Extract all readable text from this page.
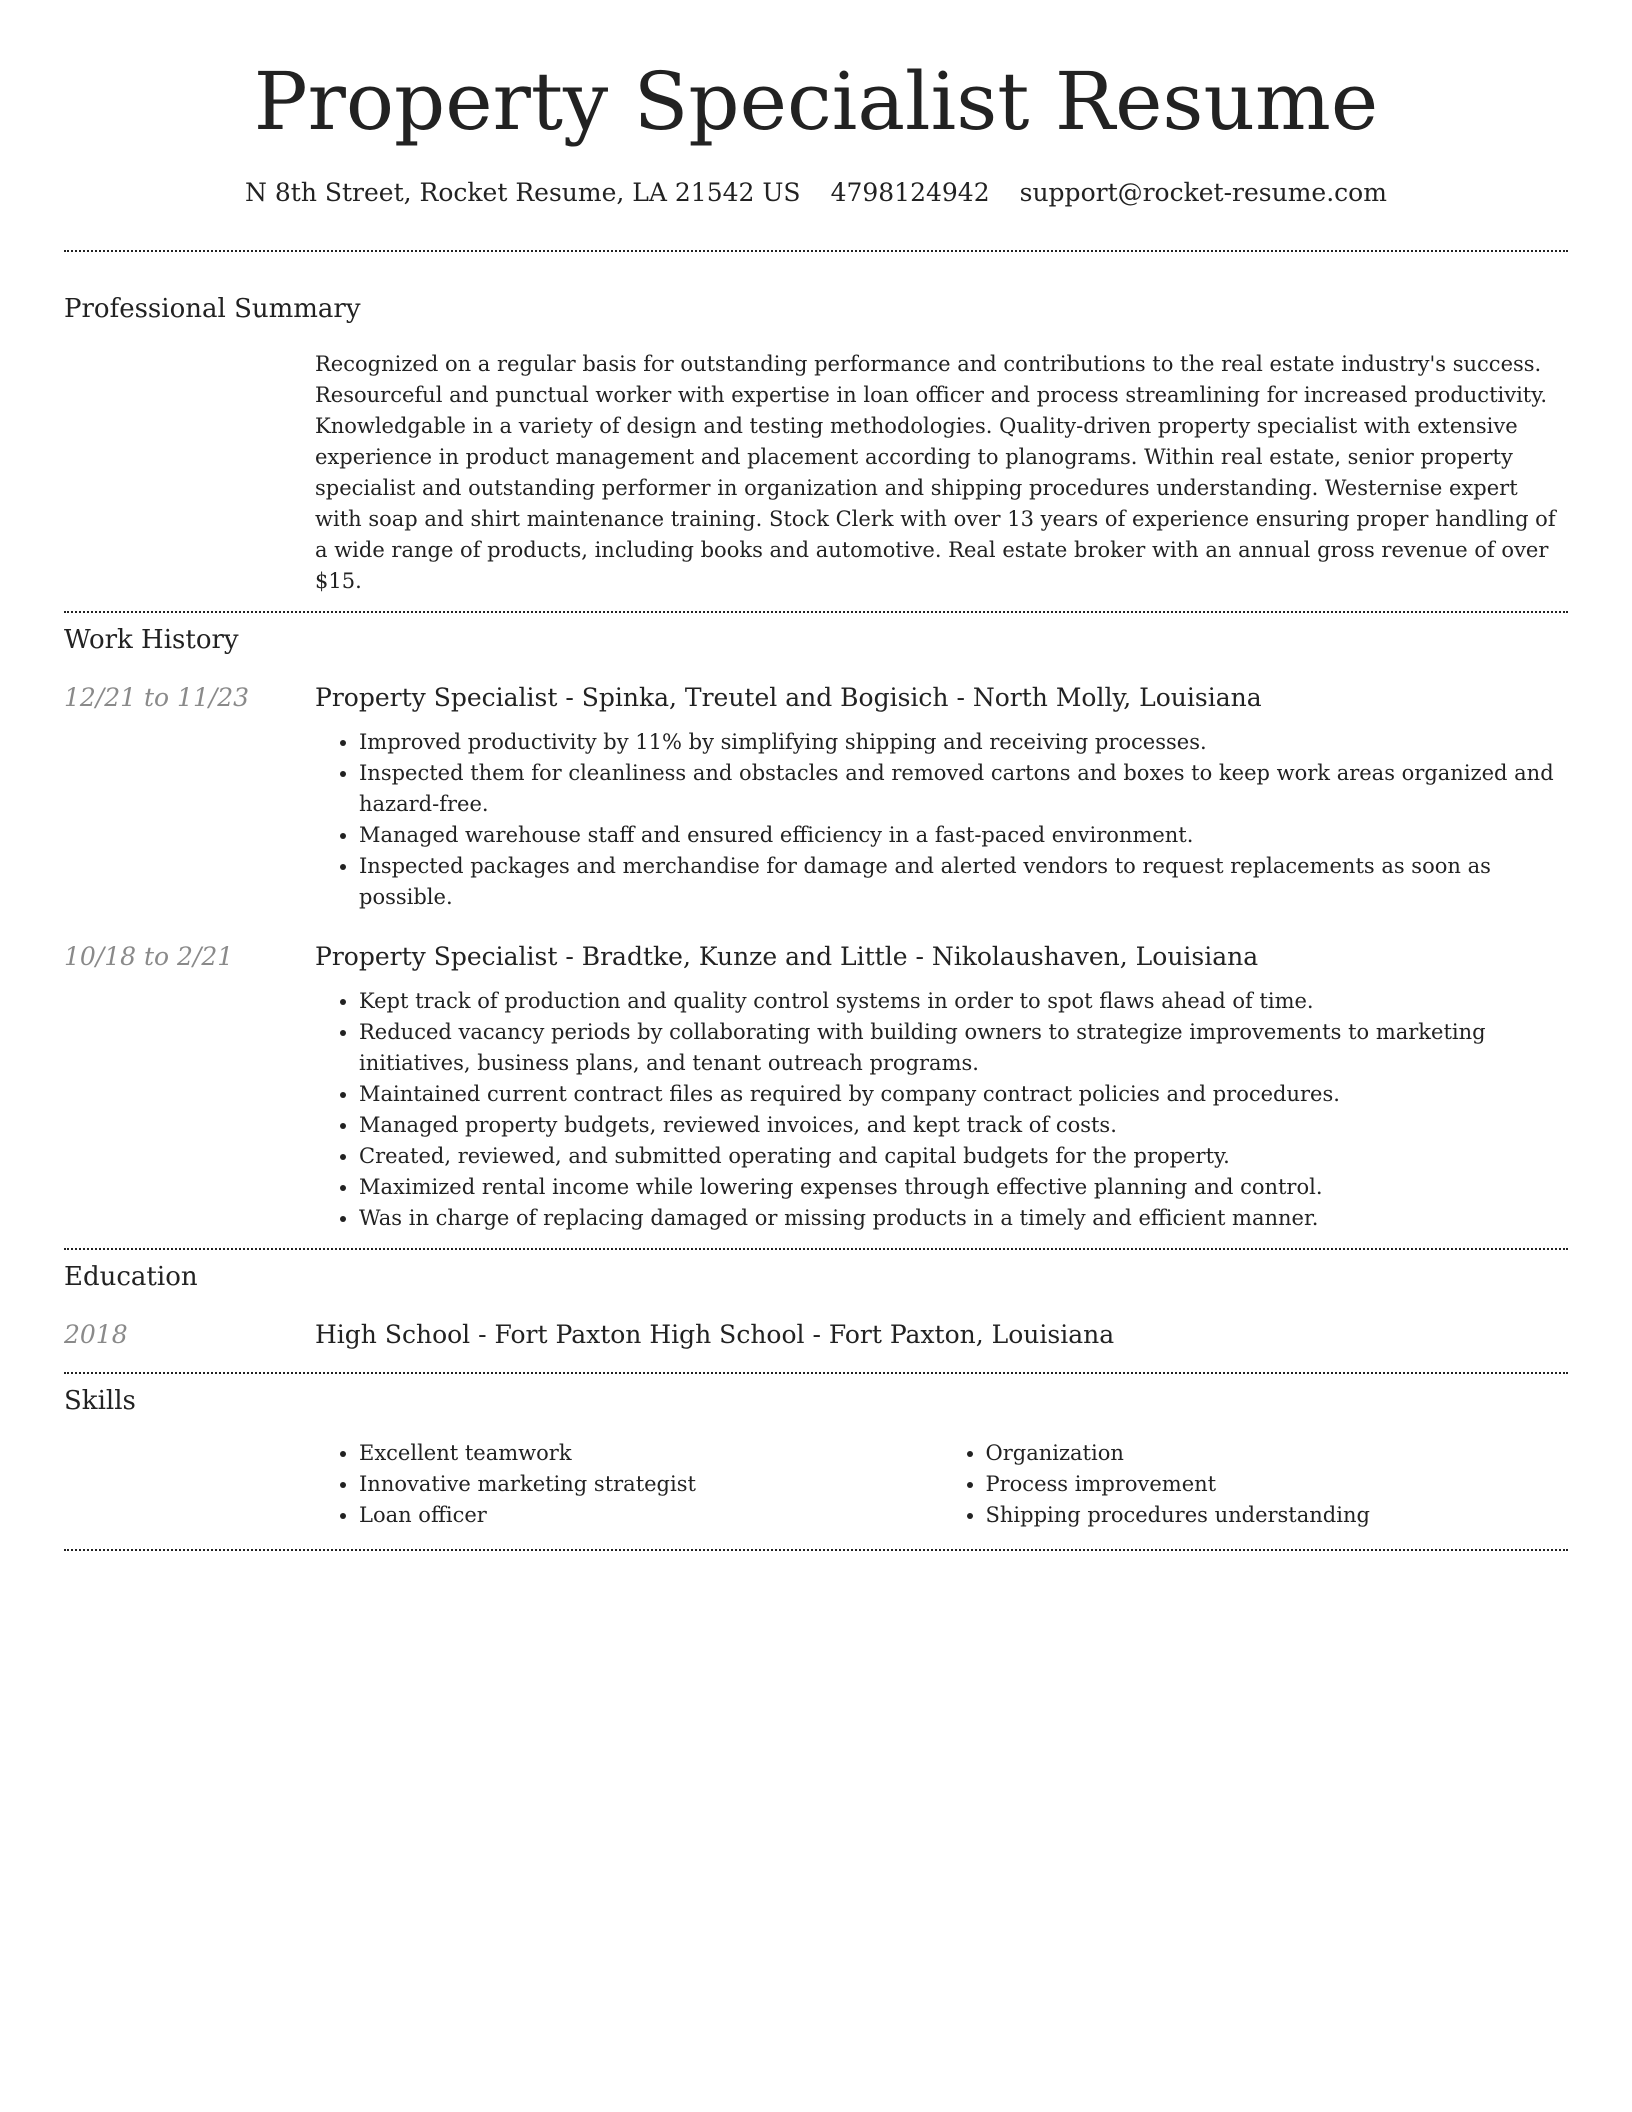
Property Specialist Resume
N 8th Street, Rocket Resume, LA 21542 US 4798124942 support@rocket-resume.com
Professional Summary

Recognized on a regular basis for outstanding performance and contributions to the real estate industry's success. Resourceful and punctual worker with expertise in loan officer and process streamlining for increased productivity. Knowledgable in a variety of design and testing methodologies. Quality-driven property specialist with extensive experience in product management and placement according to planograms. Within real estate, senior property specialist and outstanding performer in organization and shipping procedures understanding. Westernise expert with soap and shirt maintenance training. Stock Clerk with over 13 years of experience ensuring proper handling of a wide range of products, including books and automotive. Real estate broker with an annual gross revenue of over $15.

Work History
12/21 to 11/23	Property Specialist - Spinka, Treutel and Bogisich - North Molly, Louisiana
• Improved productivity by 11% by simplifying shipping and receiving processes.
• Inspected them for cleanliness and obstacles and removed cartons and boxes to keep work areas organized and hazard-free.
• Managed warehouse staff and ensured efficiency in a fast-paced environment.
• Inspected packages and merchandise for damage and alerted vendors to request replacements as soon as possible.
10/18 to 2/21	Property Specialist - Bradtke, Kunze and Little - Nikolaushaven, Louisiana
• Kept track of production and quality control systems in order to spot flaws ahead of time.
• Reduced vacancy periods by collaborating with building owners to strategize improvements to marketing initiatives, business plans, and tenant outreach programs.
• Maintained current contract files as required by company contract policies and procedures.
• Managed property budgets, reviewed invoices, and kept track of costs.
• Created, reviewed, and submitted operating and capital budgets for the property.
• Maximized rental income while lowering expenses through effective planning and control.
• Was in charge of replacing damaged or missing products in a timely and efficient manner.
Education
2018	High School - Fort Paxton High School - Fort Paxton, Louisiana
Skills
• Excellent teamwork
• Innovative marketing strategist
• Loan officer
• Organization
• Process improvement
• Shipping procedures understanding
